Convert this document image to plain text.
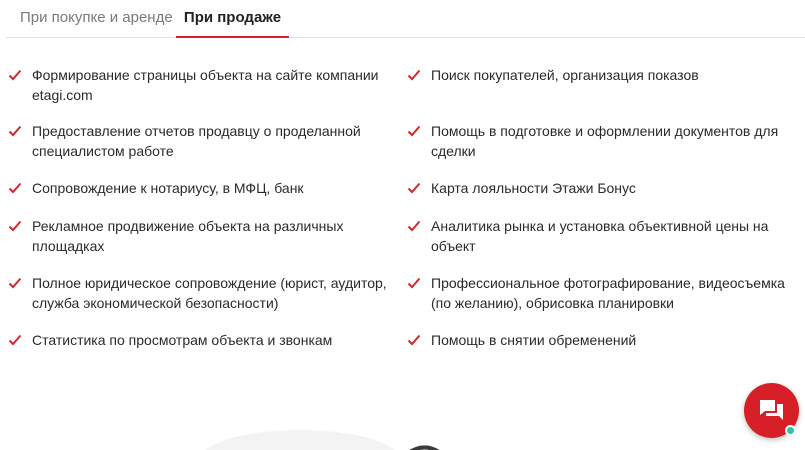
При покупке и аренде При продаже
Формирование страницы объекта на сайте компании etagi.com
Предоставление отчетов продавцу о проделанной специалистом работе
Сопровождение к нотариусу, в МФЦ, банк
Рекламное продвижение объекта на различных площадках
Полное юридическое сопровождение (юрист, аудитор, служба экономической безопасности)
Статистика по просмотрам объекта и звонкам
Поиск покупателей, организация показов
Помощь в подготовке и оформлении документов для сделки
Карта лояльности Этажи Бонус
Аналитика рынка и установка объективной цены на объект
Профессиональное фотографирование, видеосъемка (по желанию), обрисовка планировки
Помощь в снятии обременений
